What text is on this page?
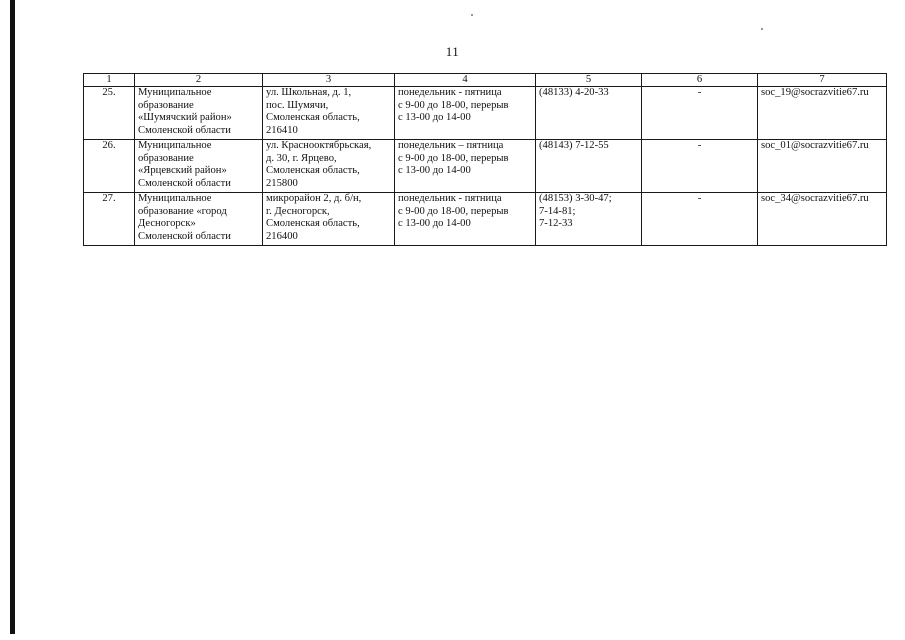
11
1	2	3	4	5	6	7
25.	Муниципальное
образование
«Шумячский район»
Смоленской области	ул. Школьная, д. 1,
пос. Шумячи,
Смоленская область,
216410	понедельник - пятница
с 9-00 до 18-00, перерыв
с 13-00 до 14-00	(48133) 4-20-33	-	soc_19@socrazvitie67.ru
26.	Муниципальное
образование
«Ярцевский район»
Смоленской области	ул. Краснооктябрьская,
д. 30, г. Ярцево,
Смоленская область,
215800	понедельник – пятница
с 9-00 до 18-00, перерыв
с 13-00 до 14-00	(48143) 7-12-55	-	soc_01@socrazvitie67.ru
27.	Муниципальное
образование «город
Десногорск»
Смоленской области	микрорайон 2, д. б/н,
г. Десногорск,
Смоленская область,
216400	понедельник - пятница
с 9-00 до 18-00, перерыв
с 13-00 до 14-00	(48153) 3-30-47;
7-14-81;
7-12-33	-	soc_34@socrazvitie67.ru
